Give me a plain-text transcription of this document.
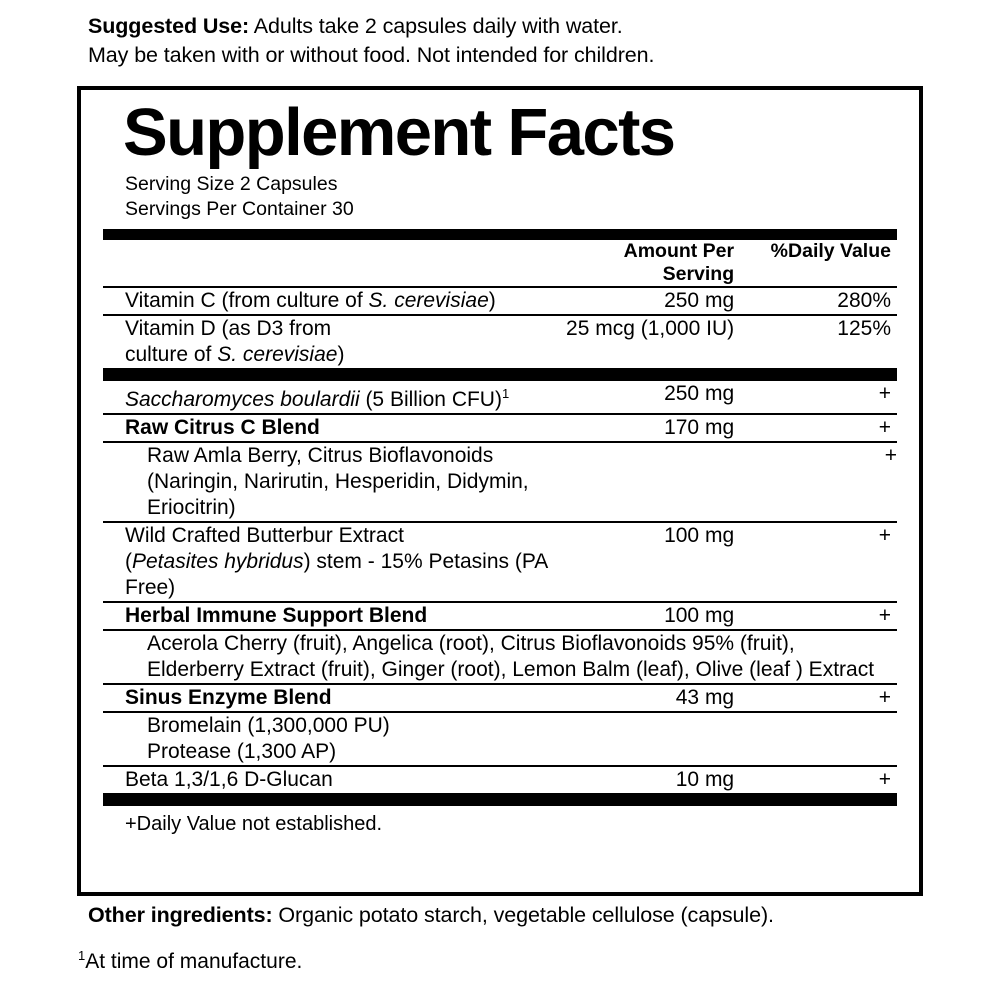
Suggested Use: Adults take 2 capsules daily with water.
May be taken with or without food. Not intended for children.
Supplement Facts
Serving Size 2 Capsules
Servings Per Container 30
	Amount Per Serving	%Daily Value

Vitamin C (from culture of S. cerevisiae)	250 mg	280%

Vitamin D (as D3 from
culture of S. cerevisiae)	25 mcg (1,000 IU)	125%
Saccharomyces boulardii (5 Billion CFU)$^1$	250 mg	+

Raw Citrus C Blend	170 mg	+

Raw Amla Berry, Citrus Bioflavonoids
(Naringin, Narirutin, Hesperidin, Didymin, Eriocitrin)		+

Wild Crafted Butterbur Extract
(Petasites hybridus) stem - 15% Petasins (PA Free)	100 mg	+

Herbal Immune Support Blend	100 mg	+

Acerola Cherry (fruit), Angelica (root), Citrus Bioflavonoids 95% (fruit),
Elderberry Extract (fruit), Ginger (root), Lemon Balm (leaf), Olive (leaf ) Extract		

Sinus Enzyme Blend	43 mg	+

Bromelain (1,300,000 PU)
Protease (1,300 AP)		

Beta 1,3/1,6 D-Glucan	10 mg	+
+Daily Value not established.
Other ingredients: Organic potato starch, vegetable cellulose (capsule).
$^1$At time of manufacture.
